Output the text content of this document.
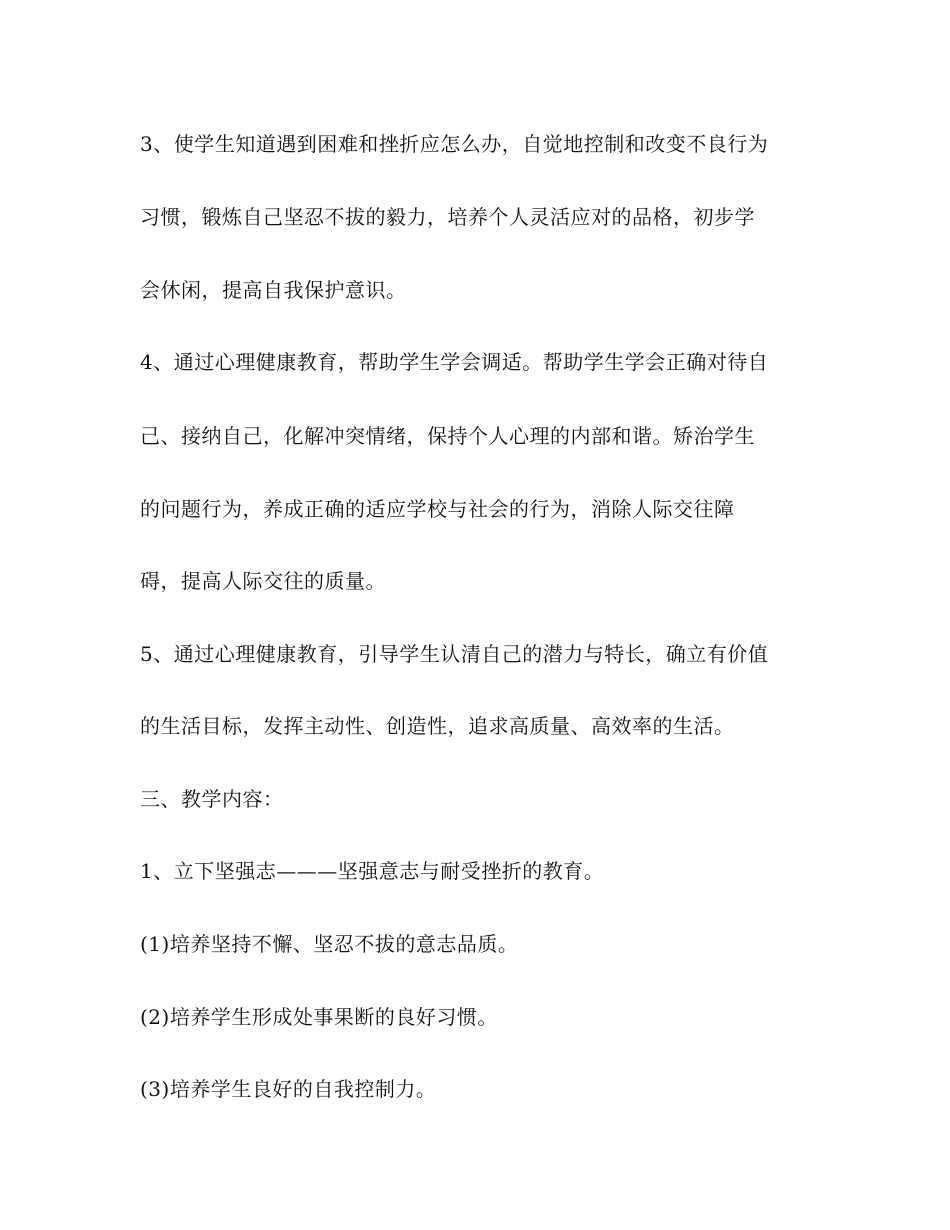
3、使学生知道遇到困难和挫折应怎么办，自觉地控制和改变不良行为
习惯，锻炼自己坚忍不拔的毅力，培养个人灵活应对的品格，初步学
会休闲，提高自我保护意识。
4、通过心理健康教育，帮助学生学会调适。帮助学生学会正确对待自
己、接纳自己，化解冲突情绪，保持个人心理的内部和谐。矫治学生
的问题行为，养成正确的适应学校与社会的行为，消除人际交往障
碍，提高人际交往的质量。
5、通过心理健康教育，引导学生认清自己的潜力与特长，确立有价值
的生活目标，发挥主动性、创造性，追求高质量、高效率的生活。
三、教学内容：
1、立下坚强志———坚强意志与耐受挫折的教育。
(1)培养坚持不懈、坚忍不拔的意志品质。
(2)培养学生形成处事果断的良好习惯。
(3)培养学生良好的自我控制力。
